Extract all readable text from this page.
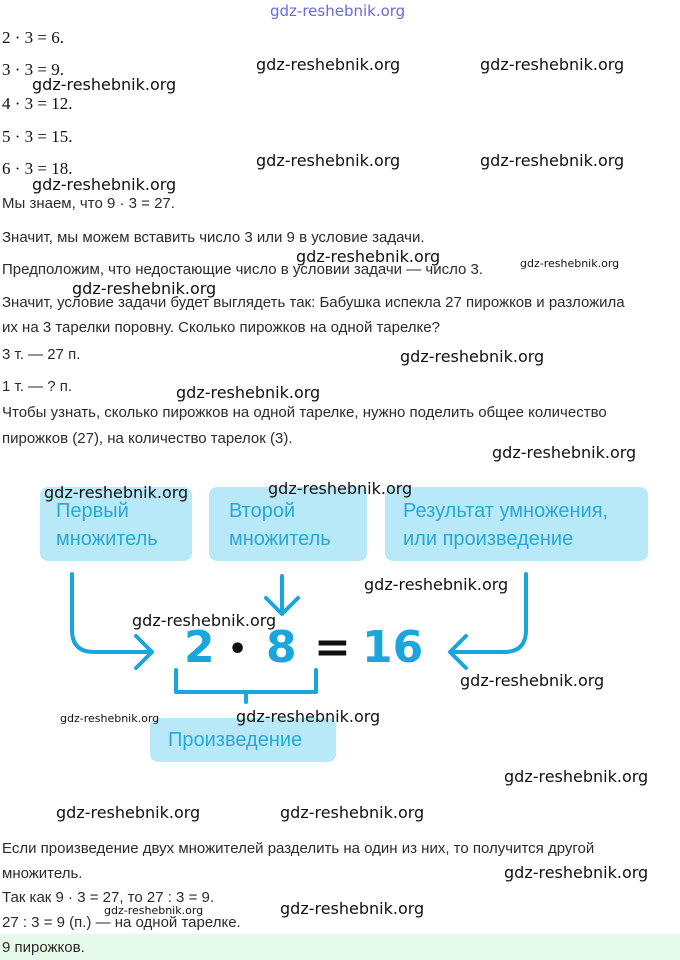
gdz-reshebnik.org
2 · 3 = 6.
3 · 3 = 9.
4 · 3 = 12.
5 · 3 = 15.
6 · 3 = 18.
Мы знаем, что 9 · 3 = 27.
Значит, мы можем вставить число 3 или 9 в условие задачи.
Предположим, что недостающие число в условии задачи — число 3.
Значит, условие задачи будет выглядеть так: Бабушка испекла 27 пирожков и разложила
их на 3 тарелки поровну. Сколько пирожков на одной тарелке?
3 т. — 27 п.
1 т. — ? п.
Чтобы узнать, сколько пирожков на одной тарелке, нужно поделить общее количество
пирожков (27), на количество тарелок (3).
Первый
множитель
Второй
множитель
Результат умножения,
или произведение
2 • 8 = 16
Произведение
Если произведение двух множителей разделить на один из них, то получится другой
множитель.
Так как 9 · 3 = 27, то 27 : 3 = 9.
27 : 3 = 9 (п.) — на одной тарелке.
9 пирожков.
gdz-reshebnik.org	gdz-reshebnik.org
gdz-reshebnik.org
gdz-reshebnik.org	gdz-reshebnik.org
gdz-reshebnik.org
gdz-reshebnik.org	gdz-reshebnik.org
gdz-reshebnik.org
gdz-reshebnik.org
gdz-reshebnik.org
gdz-reshebnik.org
gdz-reshebnik.org
gdz-reshebnik.org
gdz-reshebnik.org
gdz-reshebnik.org
gdz-reshebnik.org
gdz-reshebnik.org	gdz-reshebnik.org
gdz-reshebnik.org
gdz-reshebnik.org	gdz-reshebnik.org
gdz-reshebnik.org
gdz-reshebnik.org	gdz-reshebnik.org
